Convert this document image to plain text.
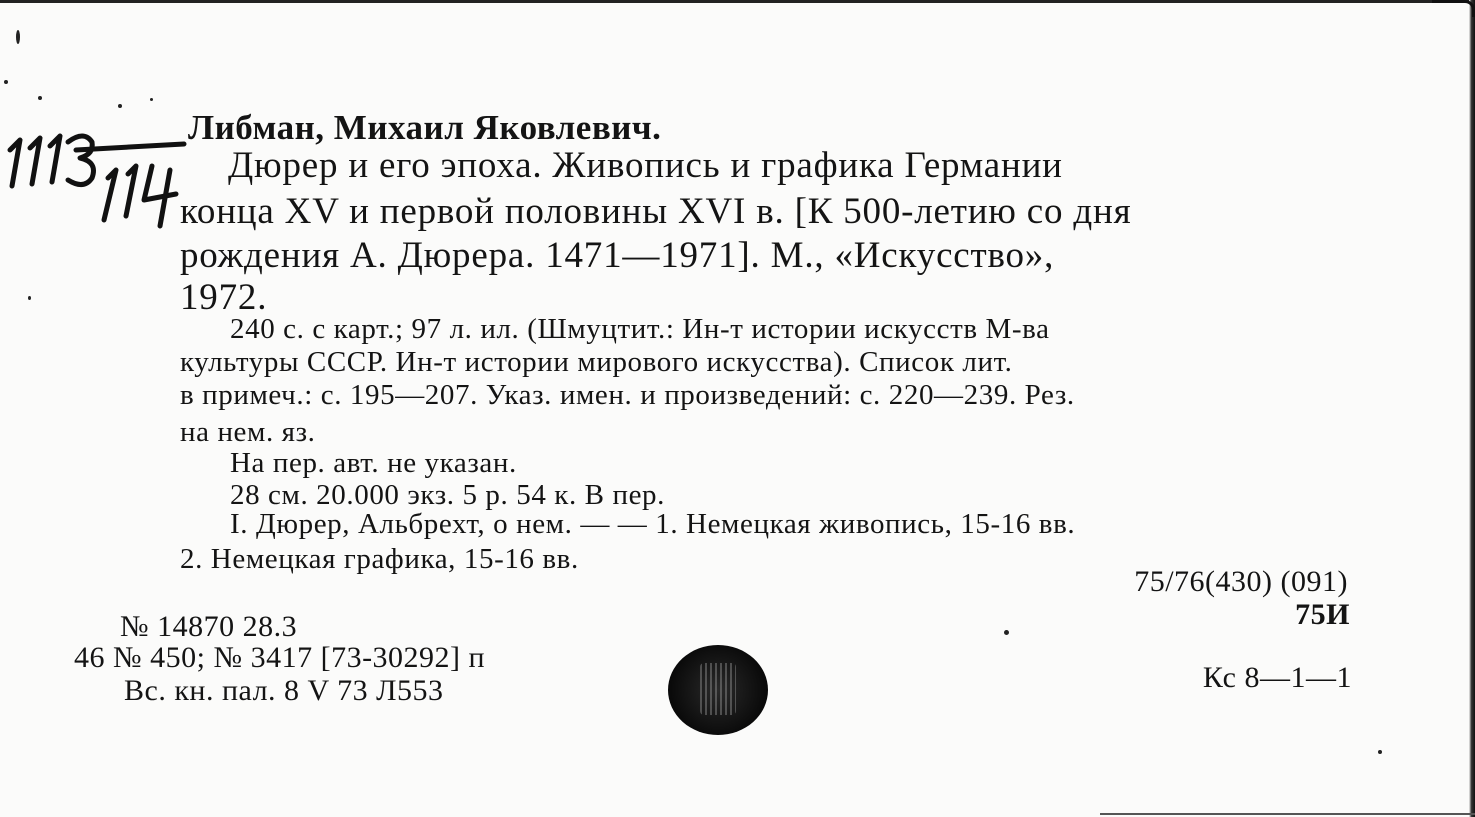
Либман, Михаил Яковлевич.
Дюрер и его эпоха. Живопись и графика Германии
конца XV и первой половины XVI в. [К 500-летию со дня
рождения А. Дюрера. 1471—1971]. М., «Искусство»,
1972.
240 с. с карт.; 97 л. ил. (Шмуцтит.: Ин-т истории искусств М-ва
культуры СССР. Ин-т истории мирового искусства). Список лит.
в примеч.: с. 195—207. Указ. имен. и произведений: с. 220—239. Рез.
на нем. яз.
На пер. авт. не указан.
28 см. 20.000 экз. 5 р. 54 к. В пер.
I. Дюрер, Альбрехт, о нем. — — 1. Немецкая живопись, 15-16 вв.
2. Немецкая графика, 15-16 вв.
75/76(430) (091)
75И
№ 14870 28.3
46 № 450; № 3417 [73-30292] п
Вс. кн. пал. 8 V 73 Л553	Кс 8—1—1
